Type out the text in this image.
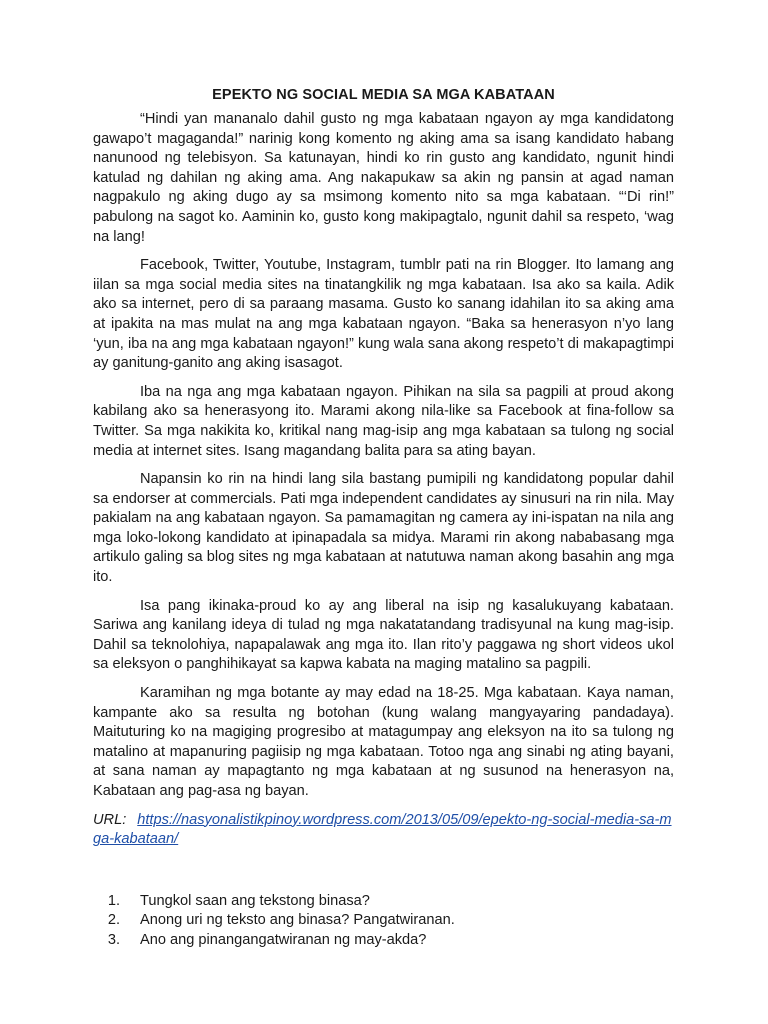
EPEKTO NG SOCIAL MEDIA SA MGA KABATAAN

“Hindi yan mananalo dahil gusto ng mga kabataan ngayon ay mga kandidatong gawapo’t magaganda!” narinig kong komento ng aking ama sa isang kandidato habang nanunood ng telebisyon. Sa katunayan, hindi ko rin gusto ang kandidato, ngunit hindi katulad ng dahilan ng aking ama. Ang nakapukaw sa akin ng pansin at agad naman nagpakulo ng aking dugo ay sa msimong komento nito sa mga kabataan. “‘Di rin!” pabulong na sagot ko. Aaminin ko, gusto kong makipagtalo, ngunit dahil sa respeto, ‘wag na lang!

Facebook, Twitter, Youtube, Instagram, tumblr pati na rin Blogger. Ito lamang ang iilan sa mga social media sites na tinatangkilik ng mga kabataan. Isa ako sa kaila. Adik ako sa internet, pero di sa paraang masama. Gusto ko sanang idahilan ito sa aking ama at ipakita na mas mulat na ang mga kabataan ngayon. “Baka sa henerasyon n’yo lang ‘yun, iba na ang mga kabataan ngayon!” kung wala sana akong respeto’t di makapagtimpi ay ganitung-ganito ang aking isasagot.

Iba na nga ang mga kabataan ngayon. Pihikan na sila sa pagpili at proud akong kabilang ako sa henerasyong ito. Marami akong nila-like sa Facebook at fina-follow sa Twitter. Sa mga nakikita ko, kritikal nang mag-isip ang mga kabataan sa tulong ng social media at internet sites. Isang magandang balita para sa ating bayan.

Napansin ko rin na hindi lang sila bastang pumipili ng kandidatong popular dahil sa endorser at commercials. Pati mga independent candidates ay sinusuri na rin nila. May pakialam na ang kabataan ngayon. Sa pamamagitan ng camera ay ini-ispatan na nila ang mga loko-lokong kandidato at ipinapadala sa midya. Marami rin akong nababasang mga artikulo galing sa blog sites ng mga kabataan at natutuwa naman akong basahin ang mga ito.

Isa pang ikinaka-proud ko ay ang liberal na isip ng kasalukuyang kabataan. Sariwa ang kanilang ideya di tulad ng mga nakatatandang tradisyunal na kung mag-isip. Dahil sa teknolohiya, napapalawak ang mga ito. Ilan rito’y paggawa ng short videos ukol sa eleksyon o panghihikayat sa kapwa kabata na maging matalino sa pagpili.

Karamihan ng mga botante ay may edad na 18-25. Mga kabataan. Kaya naman, kampante ako sa resulta ng botohan (kung walang mangyayaring pandadaya). Maituturing ko na magiging progresibo at matagumpay ang eleksyon na ito sa tulong ng matalino at mapanuring pagiisip ng mga kabataan. Totoo nga ang sinabi ng ating bayani, at sana naman ay mapagtanto ng mga kabataan at ng susunod na henerasyon na, Kabataan ang pag-asa ng bayan.

URL: https://nasyonalistikpinoy.wordpress.com/2013/05/09/epekto-ng-social-media-sa-mga-kabataan/

1.	Tungkol saan ang tekstong binasa?
2.	Anong uri ng teksto ang binasa? Pangatwiranan.
3.	Ano ang pinangangatwiranan ng may-akda?
